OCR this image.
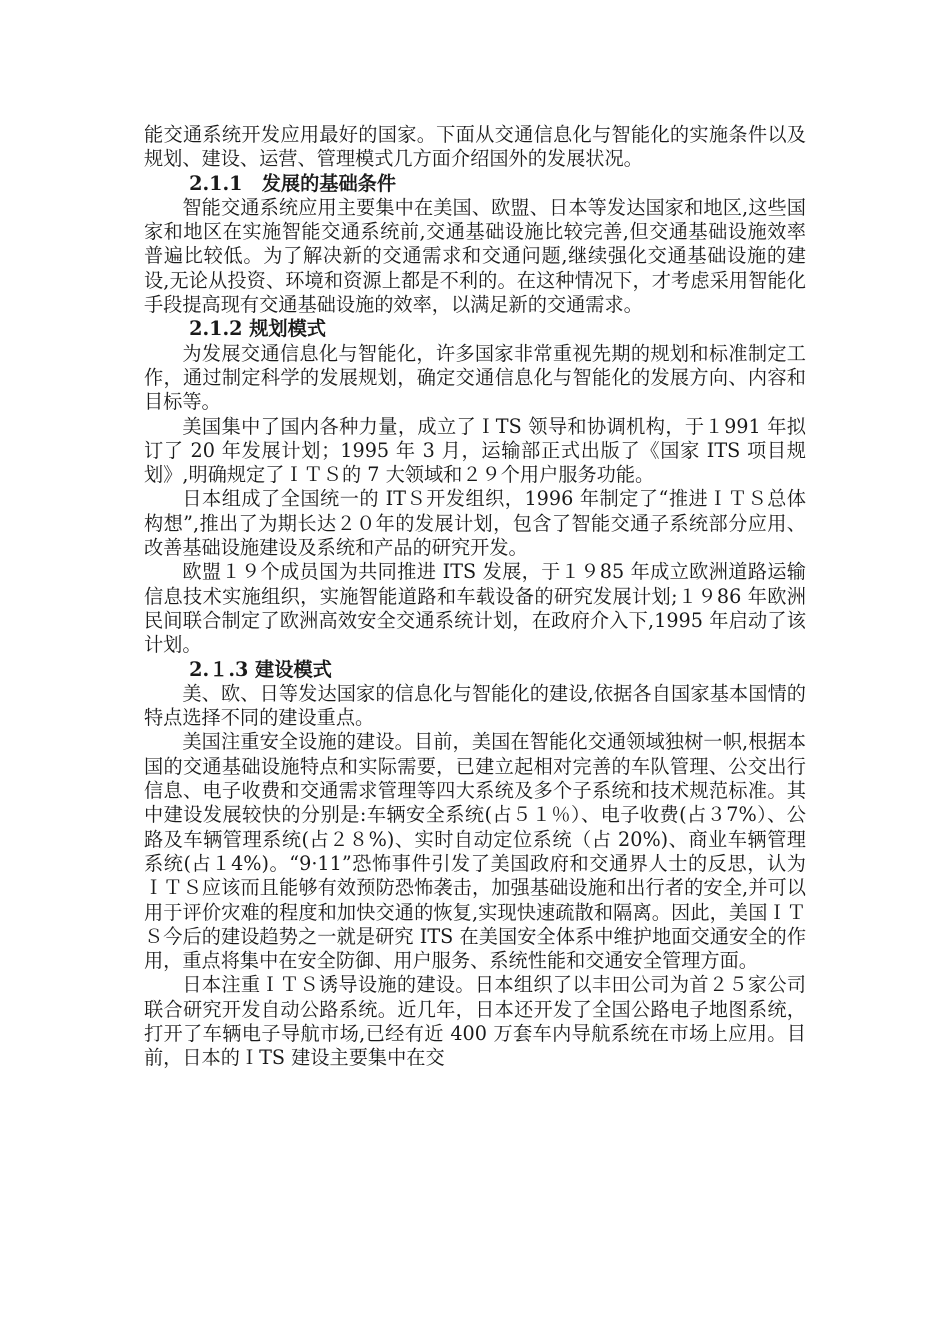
能交通系统开发应用最好的国家。下面从交通信息化与智能化的实施条件以及规划、建设、运营、管理模式几方面介绍国外的发展状况。

2.1.1　发展的基础条件

智能交通系统应用主要集中在美国、欧盟、日本等发达国家和地区,这些国家和地区在实施智能交通系统前,交通基础设施比较完善,但交通基础设施效率普遍比较低。为了解决新的交通需求和交通问题,继续强化交通基础设施的建设,无论从投资、环境和资源上都是不利的。在这种情况下，才考虑采用智能化手段提高现有交通基础设施的效率，以满足新的交通需求。

2.1.2 规划模式

为发展交通信息化与智能化，许多国家非常重视先期的规划和标准制定工作，通过制定科学的发展规划，确定交通信息化与智能化的发展方向、内容和目标等。

美国集中了国内各种力量，成立了ＩTS 领导和协调机构，于１991 年拟订了 20 年发展计划；1995 年 3 月，运输部正式出版了《国家 ITS 项目规划》,明确规定了ＩＴＳ的 7 大领域和２９个用户服务功能。

日本组成了全国统一的 ITＳ开发组织，1996 年制定了“推进ＩＴＳ总体构想”,推出了为期长达２０年的发展计划，包含了智能交通子系统部分应用、改善基础设施建设及系统和产品的研究开发。

欧盟１９个成员国为共同推进 ITS 发展，于１９85 年成立欧洲道路运输信息技术实施组织，实施智能道路和车载设备的研究发展计划;１９86 年欧洲民间联合制定了欧洲高效安全交通系统计划，在政府介入下,1995 年启动了该计划。

2.１.3 建设模式

美、欧、日等发达国家的信息化与智能化的建设,依据各自国家基本国情的特点选择不同的建设重点。

美国注重安全设施的建设。目前，美国在智能化交通领域独树一帜,根据本国的交通基础设施特点和实际需要，已建立起相对完善的车队管理、公交出行信息、电子收费和交通需求管理等四大系统及多个子系统和技术规范标准。其中建设发展较快的分别是:车辆安全系统(占５１％）、电子收费(占３7%）、公路及车辆管理系统(占２８%)、实时自动定位系统（占 20%)、商业车辆管理系统(占１4%)。“9·11”恐怖事件引发了美国政府和交通界人士的反思，认为ＩＴＳ应该而且能够有效预防恐怖袭击，加强基础设施和出行者的安全,并可以用于评价灾难的程度和加快交通的恢复,实现快速疏散和隔离。因此，美国ＩＴＳ今后的建设趋势之一就是研究 ITS 在美国安全体系中维护地面交通安全的作用，重点将集中在安全防御、用户服务、系统性能和交通安全管理方面。

日本注重ＩＴＳ诱导设施的建设。日本组织了以丰田公司为首２５家公司联合研究开发自动公路系统。近几年，日本还开发了全国公路电子地图系统，打开了车辆电子导航市场,已经有近 400 万套车内导航系统在市场上应用。目前，日本的ＩTS 建设主要集中在交
